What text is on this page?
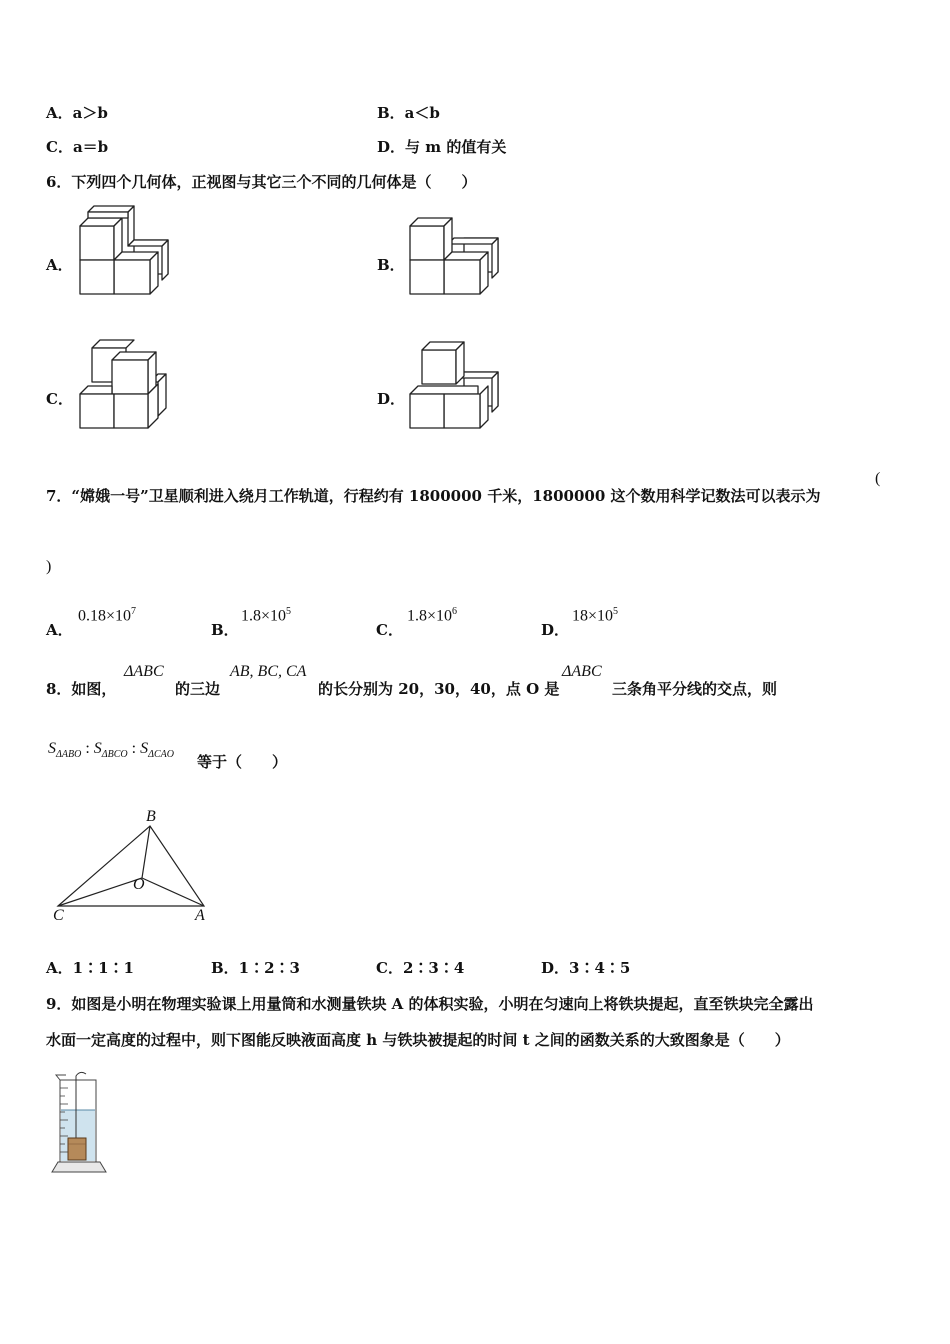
A．a＞b	B．a＜b
C．a＝b	D．与 m 的值有关
6．下列四个几何体，正视图与其它三个不同的几何体是（　　）
A．	B．
C．	D．
7．“嫦娥一号”卫星顺利进入绕月工作轨道，行程约有 1800000 千米，1800000 这个数用科学记数法可以表示为
(
)
A．
$0.18\times 10^7$
B．
$1.8\times 10^5$
C．
$1.8\times 10^6$
D．
$18\times 10^5$
8．如图，
ΔABC
的三边
AB, BC, CA
的长分别为 20，30，40，点 O 是
ΔABC
三条角平分线的交点，则
$S_{\Delta ABO}$ : $S_{\Delta BCO}$ : $S_{\Delta CAO}$ 等于（　　）
B
O
C	A
A．1∶1∶1	B．1∶2∶3	C．2∶3∶4	D．3∶4∶5
9．如图是小明在物理实验课上用量筒和水测量铁块 A 的体积实验，小明在匀速向上将铁块提起，直至铁块完全露出
水面一定高度的过程中，则下图能反映液面高度 h 与铁块被提起的时间 t 之间的函数关系的大致图象是（　　）
